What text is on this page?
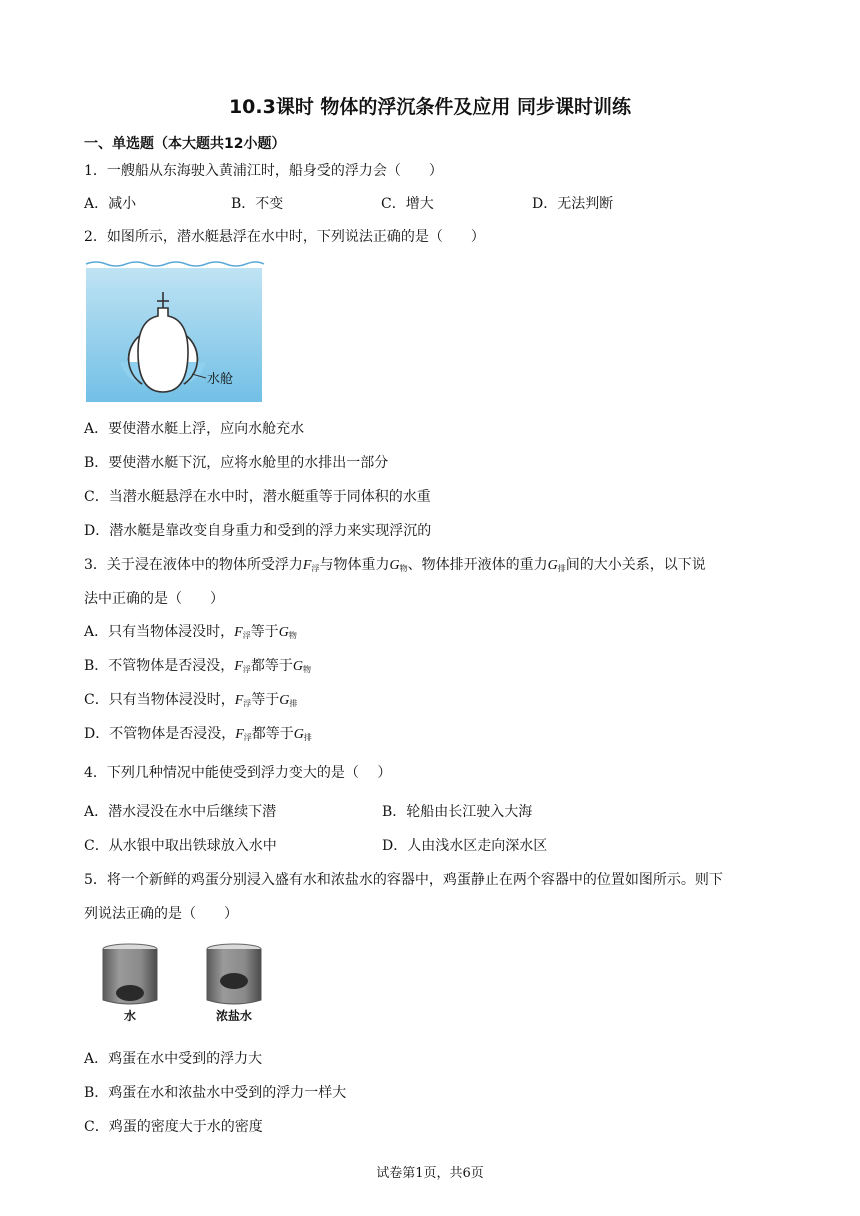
10.3课时 物体的浮沉条件及应用 同步课时训练
一、单选题（本大题共12小题）
1．一艘船从东海驶入黄浦江时，船身受的浮力会（　　）
A．减小	B．不变	C．增大	D．无法判断
2．如图所示，潜水艇悬浮在水中时，下列说法正确的是（　　）
水舱
A．要使潜水艇上浮，应向水舱充水
B．要使潜水艇下沉，应将水舱里的水排出一部分
C．当潜水艇悬浮在水中时，潜水艇重等于同体积的水重
D．潜水艇是靠改变自身重力和受到的浮力来实现浮沉的
3．关于浸在液体中的物体所受浮力$F_浮$与物体重力$G_物$、物体排开液体的重力$G_排$间的大小关系，以下说
法中正确的是（　　）
A．只有当物体浸没时，$F_浮$等于$G_物$
B．不管物体是否浸没，$F_浮$都等于$G_物$
C．只有当物体浸没时，$F_浮$等于$G_排$
D．不管物体是否浸没，$F_浮$都等于$G_排$
4．下列几种情况中能使受到浮力变大的是（　 ）
A．潜水浸没在水中后继续下潜	B．轮船由长江驶入大海
C．从水银中取出铁球放入水中	D．人由浅水区走向深水区
5．将一个新鲜的鸡蛋分别浸入盛有水和浓盐水的容器中，鸡蛋静止在两个容器中的位置如图所示。则下
列说法正确的是（　　）
水	浓盐水
A．鸡蛋在水中受到的浮力大
B．鸡蛋在水和浓盐水中受到的浮力一样大
C．鸡蛋的密度大于水的密度
试卷第1页，共6页
